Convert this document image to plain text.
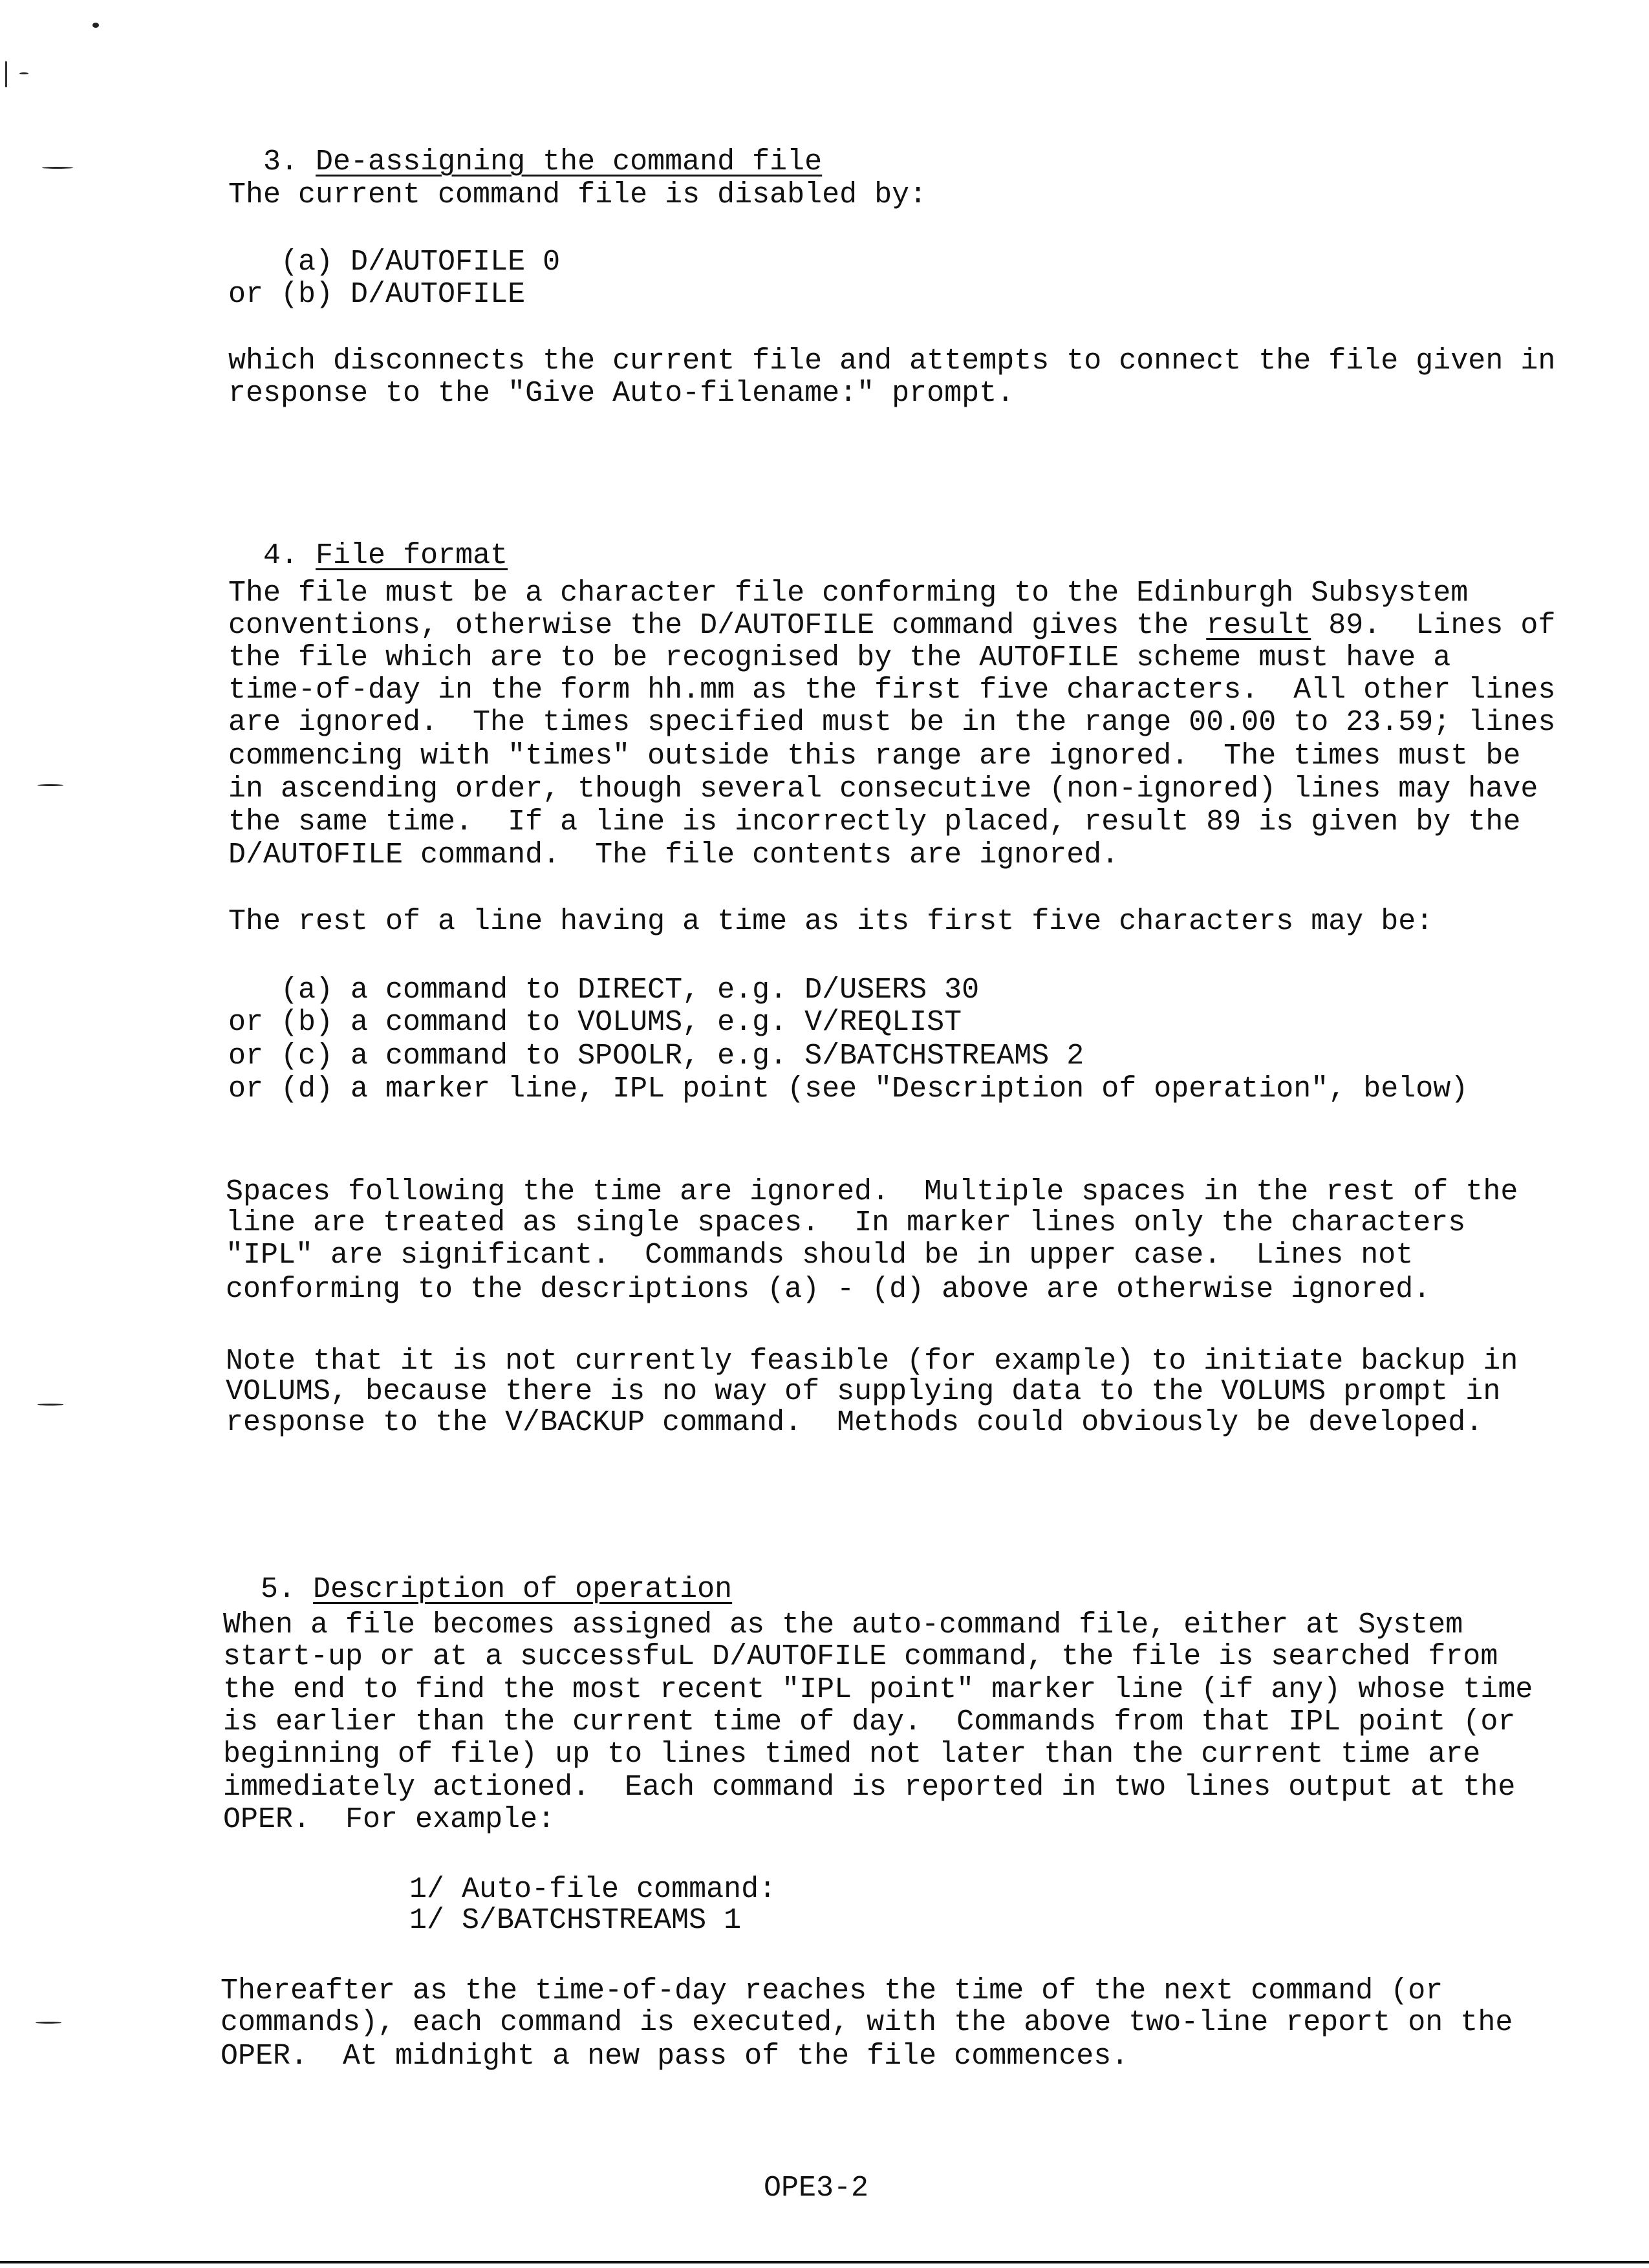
3. De-assigning the command file

The current command file is disabled by:
(a) D/AUTOFILE 0
or (b) D/AUTOFILE
which disconnects the current file and attempts to connect the file given in
response to the "Give Auto-filename:" prompt.

4. File format

The file must be a character file conforming to the Edinburgh Subsystem
conventions, otherwise the D/AUTOFILE command gives the result 89.  Lines of
the file which are to be recognised by the AUTOFILE scheme must have a
time-of-day in the form hh.mm as the first five characters.  All other lines
are ignored.  The times specified must be in the range 00.00 to 23.59; lines
commencing with "times" outside this range are ignored.  The times must be
in ascending order, though several consecutive (non-ignored) lines may have
the same time.  If a line is incorrectly placed, result 89 is given by the
D/AUTOFILE command.  The file contents are ignored.
The rest of a line having a time as its first five characters may be:
(a) a command to DIRECT, e.g. D/USERS 30
or (b) a command to VOLUMS, e.g. V/REQLIST
or (c) a command to SPOOLR, e.g. S/BATCHSTREAMS 2
or (d) a marker line, IPL point (see "Description of operation", below)
Spaces following the time are ignored.  Multiple spaces in the rest of the
line are treated as single spaces.  In marker lines only the characters
"IPL" are significant.  Commands should be in upper case.  Lines not
conforming to the descriptions (a) - (d) above are otherwise ignored.
Note that it is not currently feasible (for example) to initiate backup in
VOLUMS, because there is no way of supplying data to the VOLUMS prompt in
response to the V/BACKUP command.  Methods could obviously be developed.

5. Description of operation

When a file becomes assigned as the auto-command file, either at System
start-up or at a successfuL D/AUTOFILE command, the file is searched from
the end to find the most recent "IPL point" marker line (if any) whose time
is earlier than the current time of day.  Commands from that IPL point (or
beginning of file) up to lines timed not later than the current time are
immediately actioned.  Each command is reported in two lines output at the
OPER.  For example:
1/ Auto-file command:
1/ S/BATCHSTREAMS 1
Thereafter as the time-of-day reaches the time of the next command (or
commands), each command is executed, with the above two-line report on the
OPER.  At midnight a new pass of the file commences.
OPE3-2
